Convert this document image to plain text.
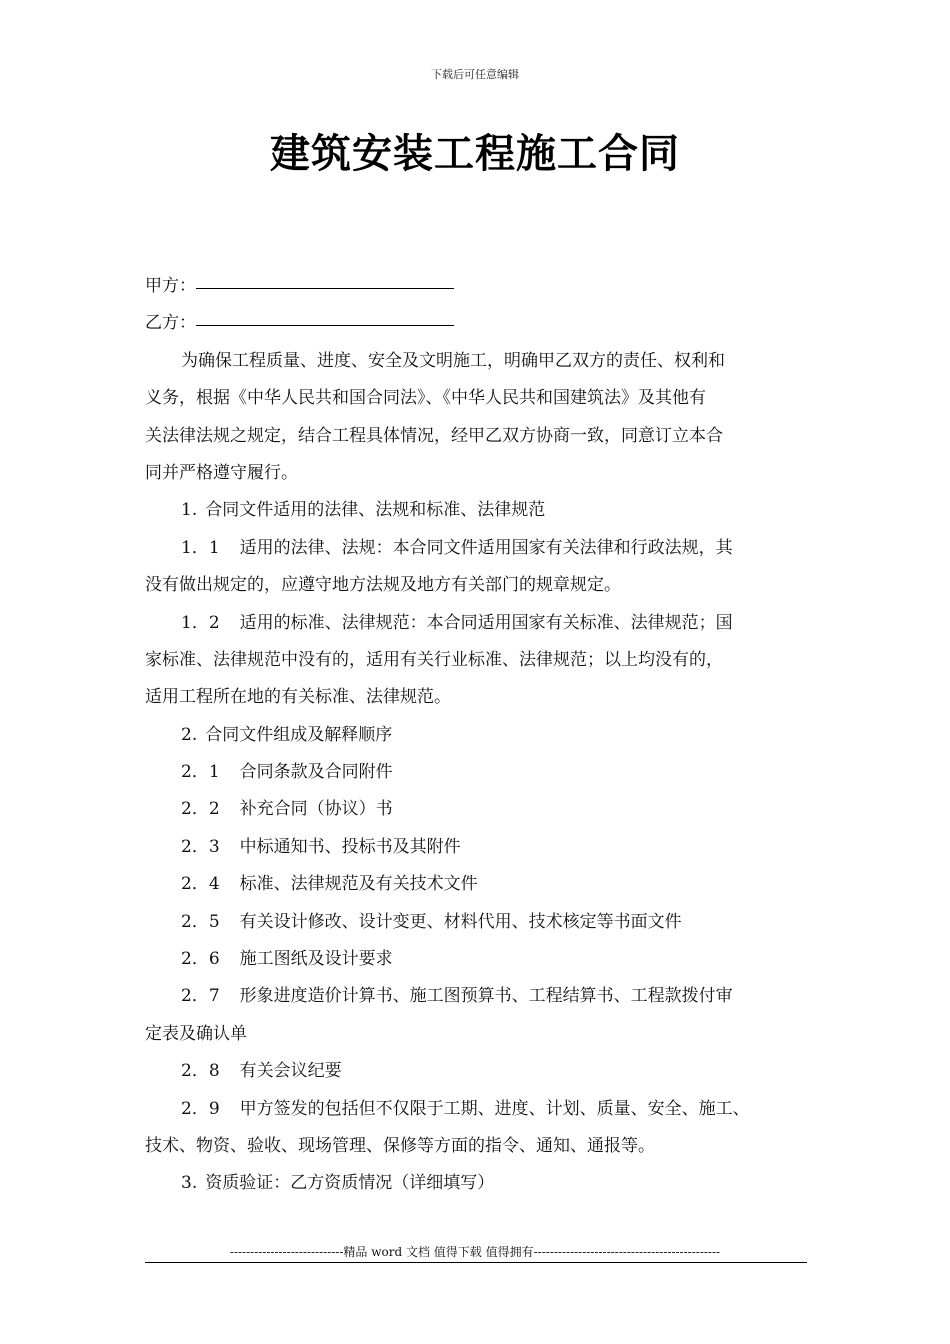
下载后可任意编辑
建筑安装工程施工合同
甲方：
乙方：
为确保工程质量、进度、安全及文明施工，明确甲乙双方的责任、权利和
义务，根据《中华人民共和国合同法》、《中华人民共和国建筑法》及其他有
关法律法规之规定，结合工程具体情况，经甲乙双方协商一致，同意订立本合
同并严格遵守履行。
1. 合同文件适用的法律、法规和标准、法律规范
1．1 适用的法律、法规：本合同文件适用国家有关法律和行政法规，其
没有做出规定的，应遵守地方法规及地方有关部门的规章规定。
1．2 适用的标准、法律规范：本合同适用国家有关标准、法律规范；国
家标准、法律规范中没有的，适用有关行业标准、法律规范；以上均没有的，
适用工程所在地的有关标准、法律规范。
2. 合同文件组成及解释顺序
2．1 合同条款及合同附件
2．2 补充合同（协议）书
2．3 中标通知书、投标书及其附件
2．4 标准、法律规范及有关技术文件
2．5 有关设计修改、设计变更、材料代用、技术核定等书面文件
2．6 施工图纸及设计要求
2．7 形象进度造价计算书、施工图预算书、工程结算书、工程款拨付审
定表及确认单
2．8 有关会议纪要
2．9 甲方签发的包括但不仅限于工期、进度、计划、质量、安全、施工、
技术、物资、验收、现场管理、保修等方面的指令、通知、通报等。
3. 资质验证：乙方资质情况（详细填写）
----------------------------精品 word 文档 值得下载 值得拥有----------------------------------------------
